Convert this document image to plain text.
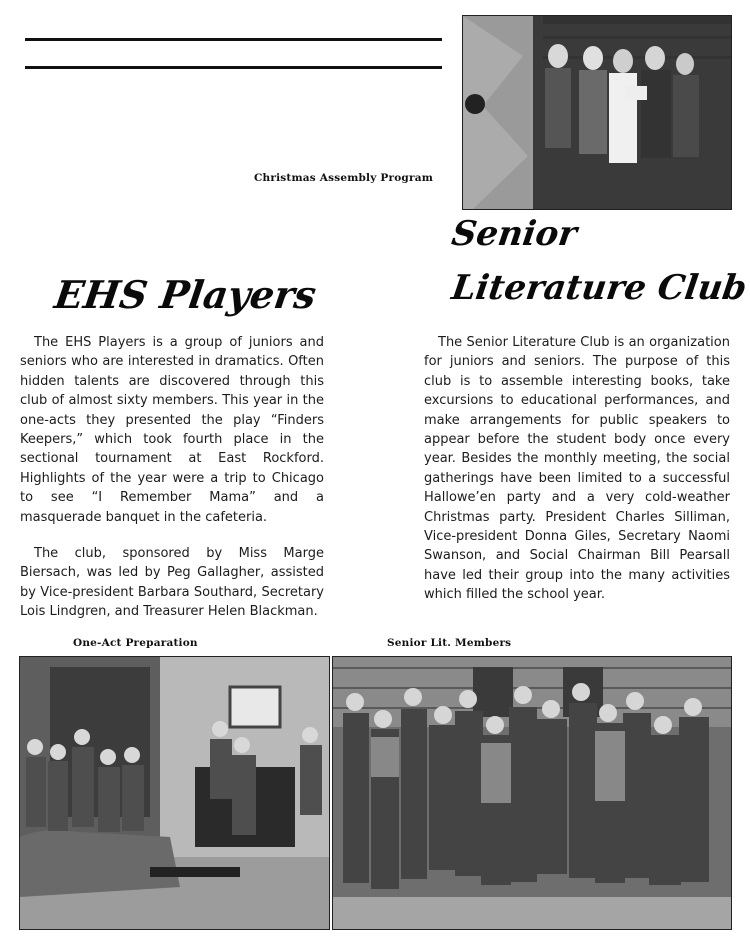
Christmas Assembly Program
Senior
Literature Club
EHS Players

The EHS Players is a group of juniors and seniors who are interested in dramatics. Often hidden talents are discovered through this club of almost sixty members. This year in the one-acts they presented the play “Finders Keepers,” which took fourth place in the sectional tournament at East Rockford. Highlights of the year were a trip to Chicago to see “I Remember Mama” and a masquerade banquet in the cafeteria.

The club, sponsored by Miss Marge Biersach, was led by Peg Gallagher, assisted by Vice-president Barbara Southard, Secretary Lois Lindgren, and Treasurer Helen Blackman.

The Senior Literature Club is an organization for juniors and seniors. The purpose of this club is to assemble interesting books, take excursions to educational performances, and make arrangements for public speakers to appear before the student body once every year. Besides the monthly meeting, the social gatherings have been limited to a successful Hallowe’en party and a very cold-weather Christmas party. President Charles Silliman, Vice-president Donna Giles, Secretary Naomi Swanson, and Social Chairman Bill Pearsall have led their group into the many activities which filled the school year.

One-Act Preparation	Senior Lit. Members
